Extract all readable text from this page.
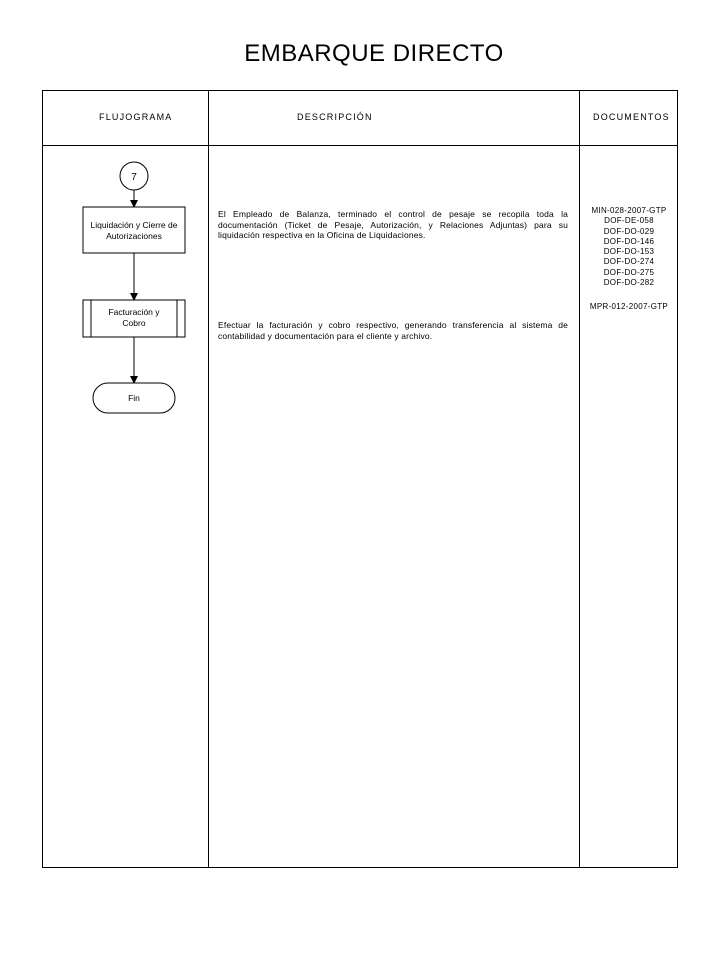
EMBARQUE DIRECTO
FLUJOGRAMA	DESCRIPCIÓN	DOCUMENTOS
El Empleado de Balanza, terminado el control de pesaje se recopila toda la documentación (Ticket de Pesaje, Autorización, y Relaciones Adjuntas) para su liquidación respectiva en la Oficina de Liquidaciones.
Efectuar la facturación y cobro respectivo, generando transferencia al sistema de contabilidad y documentación para el cliente y archivo.
MIN-028-2007-GTP
DOF-DE-058
DOF-DO-029
DOF-DO-146
DOF-DO-153
DOF-DO-274
DOF-DO-275
DOF-DO-282
MPR-012-2007-GTP
7
Liquidación y Cierre de
Autorizaciones
Facturación y
Cobro
Fin
